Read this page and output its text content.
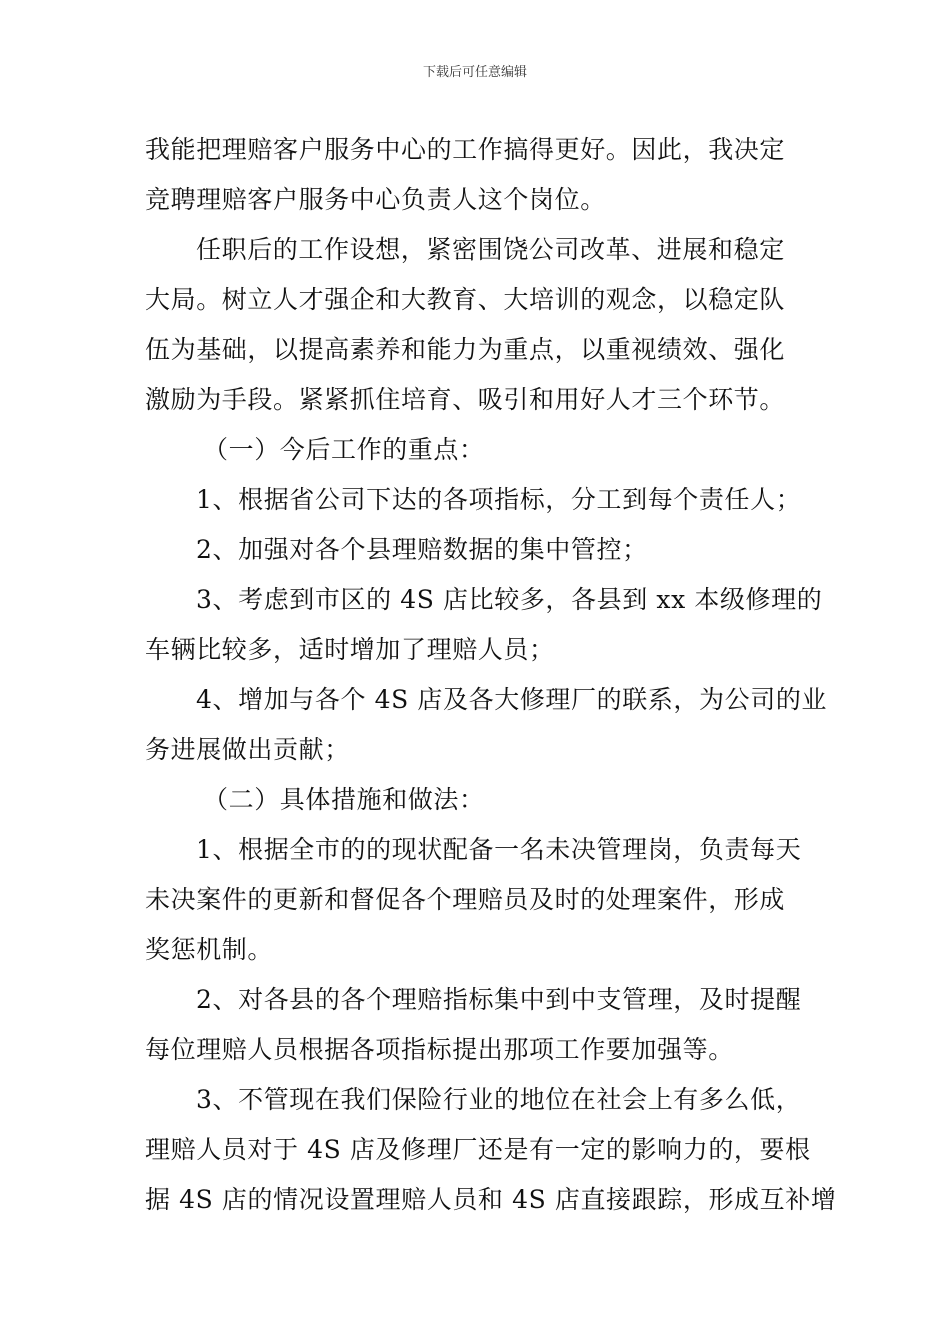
下载后可任意编辑
我能把理赔客户服务中心的工作搞得更好。因此，我决定
竞聘理赔客户服务中心负责人这个岗位。
任职后的工作设想，紧密围饶公司改革、进展和稳定
大局。树立人才强企和大教育、大培训的观念，以稳定队
伍为基础，以提高素养和能力为重点，以重视绩效、强化
激励为手段。紧紧抓住培育、吸引和用好人才三个环节。
（一）今后工作的重点：
1、根据省公司下达的各项指标，分工到每个责任人；
2、加强对各个县理赔数据的集中管控；
3、考虑到市区的 4S 店比较多，各县到 xx 本级修理的
车辆比较多，适时增加了理赔人员；
4、增加与各个 4S 店及各大修理厂的联系，为公司的业
务进展做出贡献；
（二）具体措施和做法：
1、根据全市的的现状配备一名未决管理岗，负责每天
未决案件的更新和督促各个理赔员及时的处理案件，形成
奖惩机制。
2、对各县的各个理赔指标集中到中支管理，及时提醒
每位理赔人员根据各项指标提出那项工作要加强等。
3、不管现在我们保险行业的地位在社会上有多么低，
理赔人员对于 4S 店及修理厂还是有一定的影响力的，要根
据 4S 店的情况设置理赔人员和 4S 店直接跟踪，形成互补增
